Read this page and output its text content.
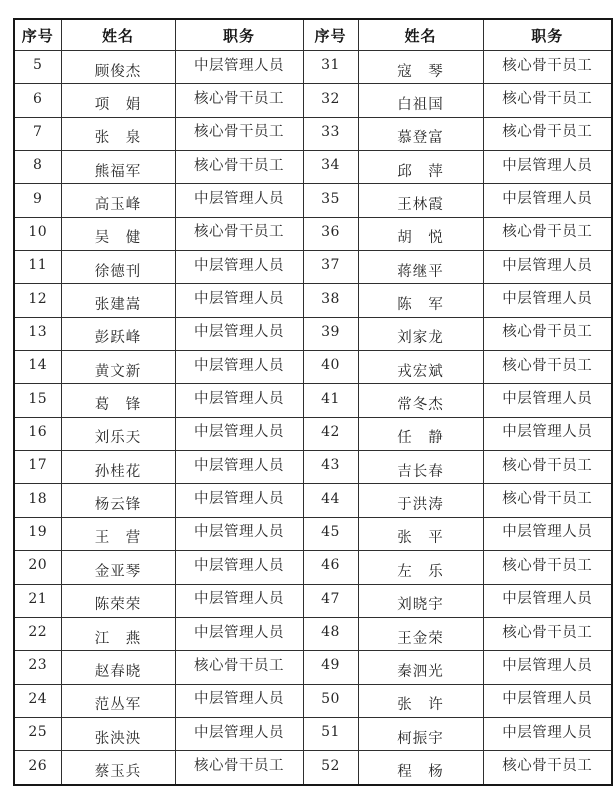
序号	姓名	职务	序号	姓名	职务
5	顾俊杰	中层管理人员	31	寇　琴	核心骨干员工
6	项　娟	核心骨干员工	32	白祖国	核心骨干员工
7	张　泉	核心骨干员工	33	慕登富	核心骨干员工
8	熊福军	核心骨干员工	34	邱　萍	中层管理人员
9	高玉峰	中层管理人员	35	王林霞	中层管理人员
10	吴　健	核心骨干员工	36	胡　悦	核心骨干员工
11	徐德刊	中层管理人员	37	蒋继平	中层管理人员
12	张建嵩	中层管理人员	38	陈　军	中层管理人员
13	彭跃峰	中层管理人员	39	刘家龙	核心骨干员工
14	黄文新	中层管理人员	40	戎宏斌	核心骨干员工
15	葛　锋	中层管理人员	41	常冬杰	中层管理人员
16	刘乐天	中层管理人员	42	任　静	中层管理人员
17	孙桂花	中层管理人员	43	吉长春	核心骨干员工
18	杨云锋	中层管理人员	44	于洪涛	核心骨干员工
19	王　营	中层管理人员	45	张　平	中层管理人员
20	金亚琴	中层管理人员	46	左　乐	核心骨干员工
21	陈荣荣	中层管理人员	47	刘晓宇	中层管理人员
22	江　燕	中层管理人员	48	王金荣	核心骨干员工
23	赵春晓	核心骨干员工	49	秦泗光	中层管理人员
24	范丛军	中层管理人员	50	张　许	中层管理人员
25	张泱泱	中层管理人员	51	柯振宇	中层管理人员
26	蔡玉兵	核心骨干员工	52	程　杨	核心骨干员工
